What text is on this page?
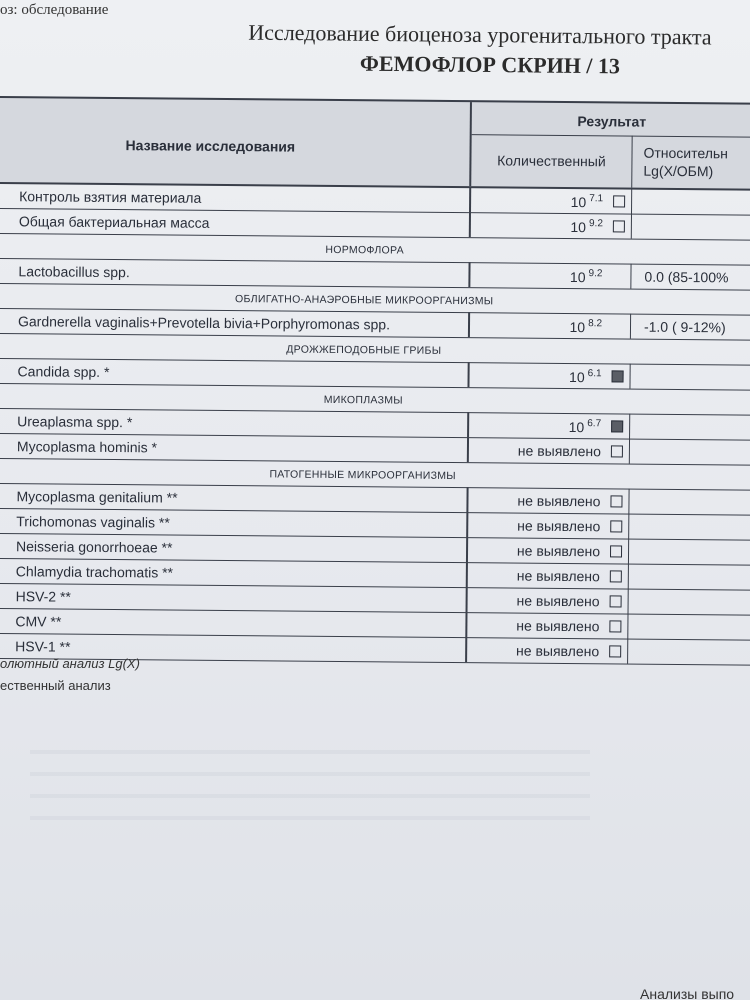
оз: обследование
Исследование биоценоза урогенитального тракта
ФЕМОФЛОР СКРИН / 13
Название исследования
Результат
Количественный	Относительн
Lg(X/ОБМ)
Контроль взятия материала	10 $^{7.1}$
Общая бактериальная масса	10 $^{9.2}$
НОРМОФЛОРА
Lactobacillus spp.	10 $^{9.2}$	0.0 (85-100%
ОБЛИГАТНО-АНАЭРОБНЫЕ МИКРООРГАНИЗМЫ
Gardnerella vaginalis+Prevotella bivia+Porphyromonas spp.	10 $^{8.2}$	-1.0 ( 9-12%)
ДРОЖЖЕПОДОБНЫЕ ГРИБЫ
Candida spp. *	10 $^{6.1}$
МИКОПЛАЗМЫ
Ureaplasma spp. *	10 $^{6.7}$
Mycoplasma hominis *	не выявлено
ПАТОГЕННЫЕ МИКРООРГАНИЗМЫ
Mycoplasma genitalium **	не выявлено
Trichomonas vaginalis **	не выявлено
Neisseria gonorrhoeae **	не выявлено
Chlamydia trachomatis **	не выявлено
HSV-2 **	не выявлено
CMV **	не выявлено
HSV-1 **	не выявлено
олютный анализ Lg(X)
ественный анализ
Анализы выпо
